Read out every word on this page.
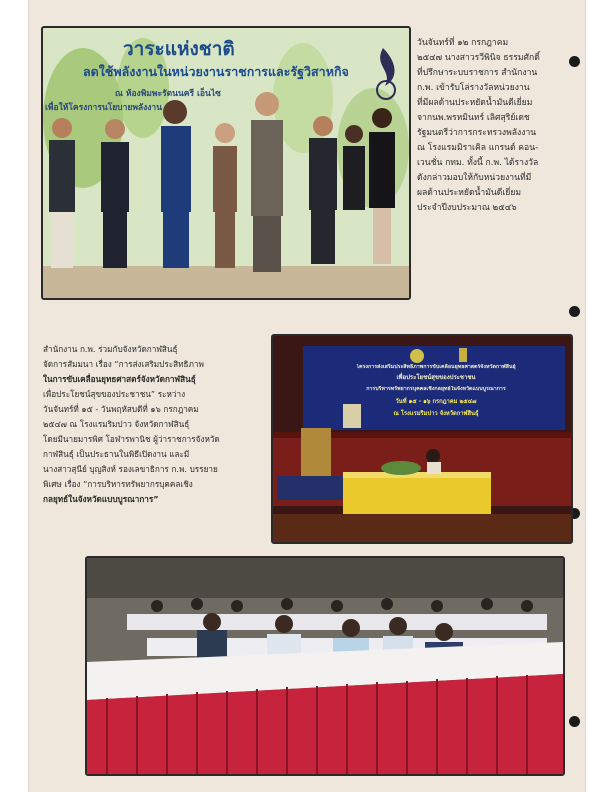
วาระแห่งชาติ
ลดใช้พลังงานในหน่วยงานราชการและรัฐวิสาหกิจ
ณ ห้องพิมพะรัตนนครี เอ็นไซ
เพื่อให้โครงการนโยบายพลังงาน

วันจันทร์ที่ ๑๒ กรกฎาคม

๒๕๔๗ นางสาวรวีพินิจ ธรรมศักดิ์

ที่ปรึกษาระบบราชการ สำนักงาน

ก.พ. เข้ารับโล่รางวัลหน่วยงาน

ที่มีผลด้านประหยัดน้ำมันดีเยี่ยม

จากนพ.พรหมินทร์ เลิศสุริย์เดช

รัฐมนตรีว่าการกระทรวงพลังงาน

ณ โรงแรมมิราเคิล แกรนด์ คอน-

เวนชั่น กทม. ทั้งนี้ ก.พ. ได้รางวัล

ดังกล่าวมอบให้กับหน่วยงานที่มี

ผลด้านประหยัดน้ำมันดีเยี่ยม

ประจำปีงบประมาณ ๒๕๔๖

สำนักงาน ก.พ. ร่วมกับจังหวัดกาฬสินธุ์

จัดการสัมมนา เรื่อง “การส่งเสริมประสิทธิภาพ

ในการขับเคลื่อนยุทธศาสตร์จังหวัดกาฬสินธุ์

เพื่อประโยชน์สุขของประชาชน” ระหว่าง

วันจันทร์ที่ ๑๕ - วันพฤหัสบดีที่ ๑๖ กรกฎาคม

๒๕๔๗ ณ โรงแรมริมปาว จังหวัดกาฬสินธุ์

โดยมีนายมารพิศ โอฬารพานิช ผู้ว่าราชการจังหวัด

กาฬสินธุ์ เป็นประธานในพิธีเปิดงาน และมี

นางสาวสุนีย์ บุญสิงห์ รองเลขาธิการ ก.พ. บรรยาย

พิเศษ เรื่อง “การบริหารทรัพยากรบุคคลเชิง

กลยุทธ์ในจังหวัดแบบบูรณาการ”

โครงการส่งเสริมประสิทธิภาพการขับเคลื่อนยุทธศาสตร์จังหวัดกาฬสินธุ์
เพื่อประโยชน์สุขของประชาชน
การบริหารทรัพยากรบุคคลเชิงกลยุทธ์ในจังหวัดแบบบูรณาการ
วันที่ ๑๕ - ๑๖ กรกฎาคม ๒๕๔๗
ณ โรงแรมริมปาว จังหวัดกาฬสินธุ์
